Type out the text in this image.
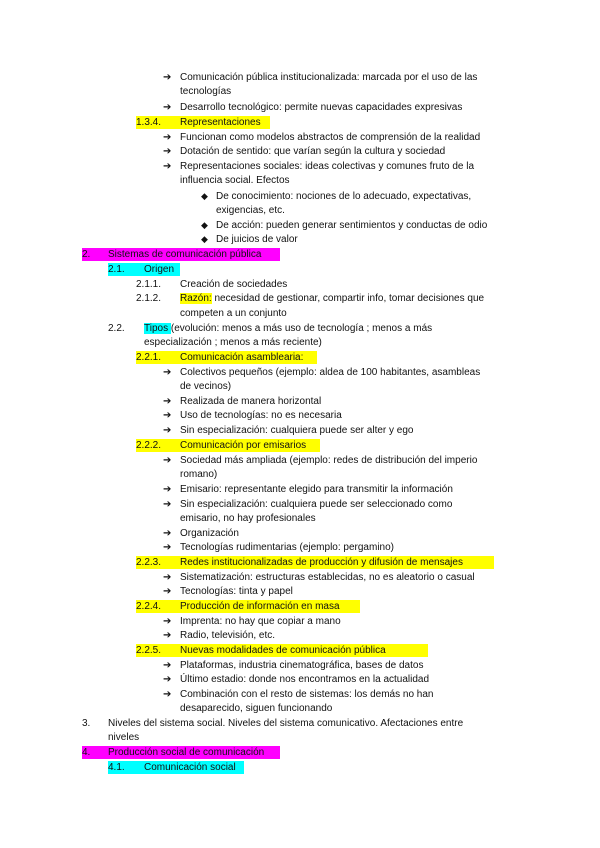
➔ Comunicación pública institucionalizada: marcada por el uso de las
tecnologías
➔ Desarrollo tecnológico: permite nuevas capacidades expresivas
1.3.4. Representaciones
➔ Funcionan como modelos abstractos de comprensión de la realidad
➔ Dotación de sentido: que varían según la cultura y sociedad
➔ Representaciones sociales: ideas colectivas y comunes fruto de la
influencia social. Efectos
◆ De conocimiento: nociones de lo adecuado, expectativas,
exigencias, etc.
◆ De acción: pueden generar sentimientos y conductas de odio
◆ De juicios de valor
2. Sistemas de comunicación pública
2.1. Origen
2.1.1. Creación de sociedades
2.1.2. Razón: necesidad de gestionar, compartir info, tomar decisiones que
competen a un conjunto
2.2. Tipos (evolución: menos a más uso de tecnología ; menos a más
especialización ; menos a más reciente)
2.2.1. Comunicación asamblearia:
➔ Colectivos pequeños (ejemplo: aldea de 100 habitantes, asambleas
de vecinos)
➔ Realizada de manera horizontal
➔ Uso de tecnologías: no es necesaria
➔ Sin especialización: cualquiera puede ser alter y ego
2.2.2. Comunicación por emisarios
➔ Sociedad más ampliada (ejemplo: redes de distribución del imperio
romano)
➔ Emisario: representante elegido para transmitir la información
➔ Sin especialización: cualquiera puede ser seleccionado como
emisario, no hay profesionales
➔ Organización
➔ Tecnologías rudimentarias (ejemplo: pergamino)
2.2.3. Redes institucionalizadas de producción y difusión de mensajes
➔ Sistematización: estructuras establecidas, no es aleatorio o casual
➔ Tecnologías: tinta y papel
2.2.4. Producción de información en masa
➔ Imprenta: no hay que copiar a mano
➔ Radio, televisión, etc.
2.2.5. Nuevas modalidades de comunicación pública
➔ Plataformas, industria cinematográfica, bases de datos
➔ Último estadio: donde nos encontramos en la actualidad
➔ Combinación con el resto de sistemas: los demás no han
desaparecido, siguen funcionando
3. Niveles del sistema social. Niveles del sistema comunicativo. Afectaciones entre
niveles
4. Producción social de comunicación
4.1. Comunicación social
